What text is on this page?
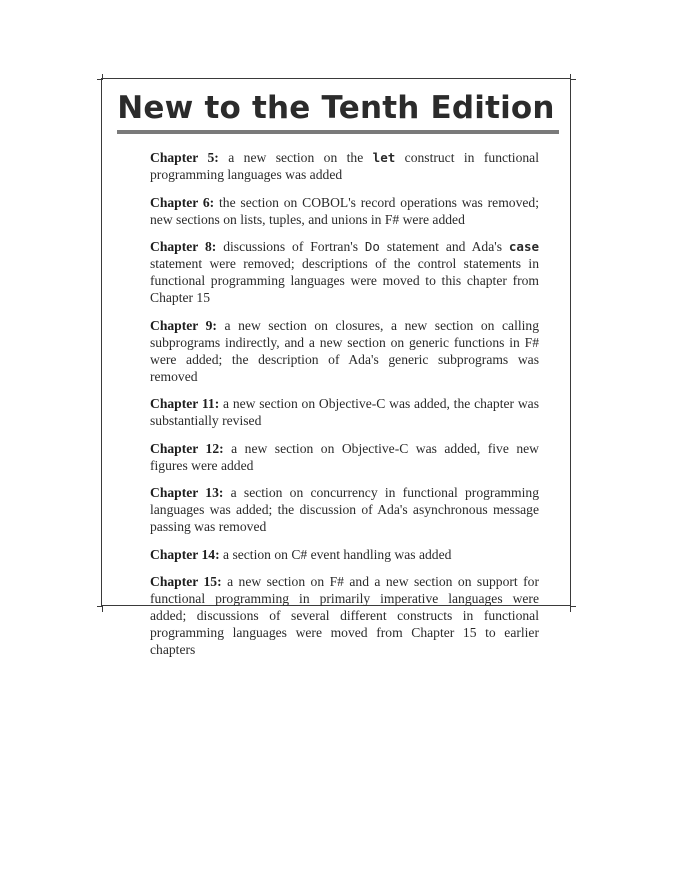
New to the Tenth Edition
Chapter 5: a new section on the let construct in functional programming languages was added
Chapter 6: the section on COBOL's record operations was removed; new sections on lists, tuples, and unions in F# were added
Chapter 8: discussions of Fortran's Do statement and Ada's case statement were removed; descriptions of the control statements in functional programming languages were moved to this chapter from Chapter 15
Chapter 9: a new section on closures, a new section on calling subprograms indirectly, and a new section on generic functions in F# were added; the description of Ada's generic subprograms was removed
Chapter 11: a new section on Objective-C was added, the chapter was substantially revised
Chapter 12: a new section on Objective-C was added, five new figures were added
Chapter 13: a section on concurrency in functional programming languages was added; the discussion of Ada's asynchronous message passing was removed
Chapter 14: a section on C# event handling was added
Chapter 15: a new section on F# and a new section on support for functional programming in primarily imperative languages were added; discussions of several different constructs in functional programming languages were moved from Chapter 15 to earlier chapters
